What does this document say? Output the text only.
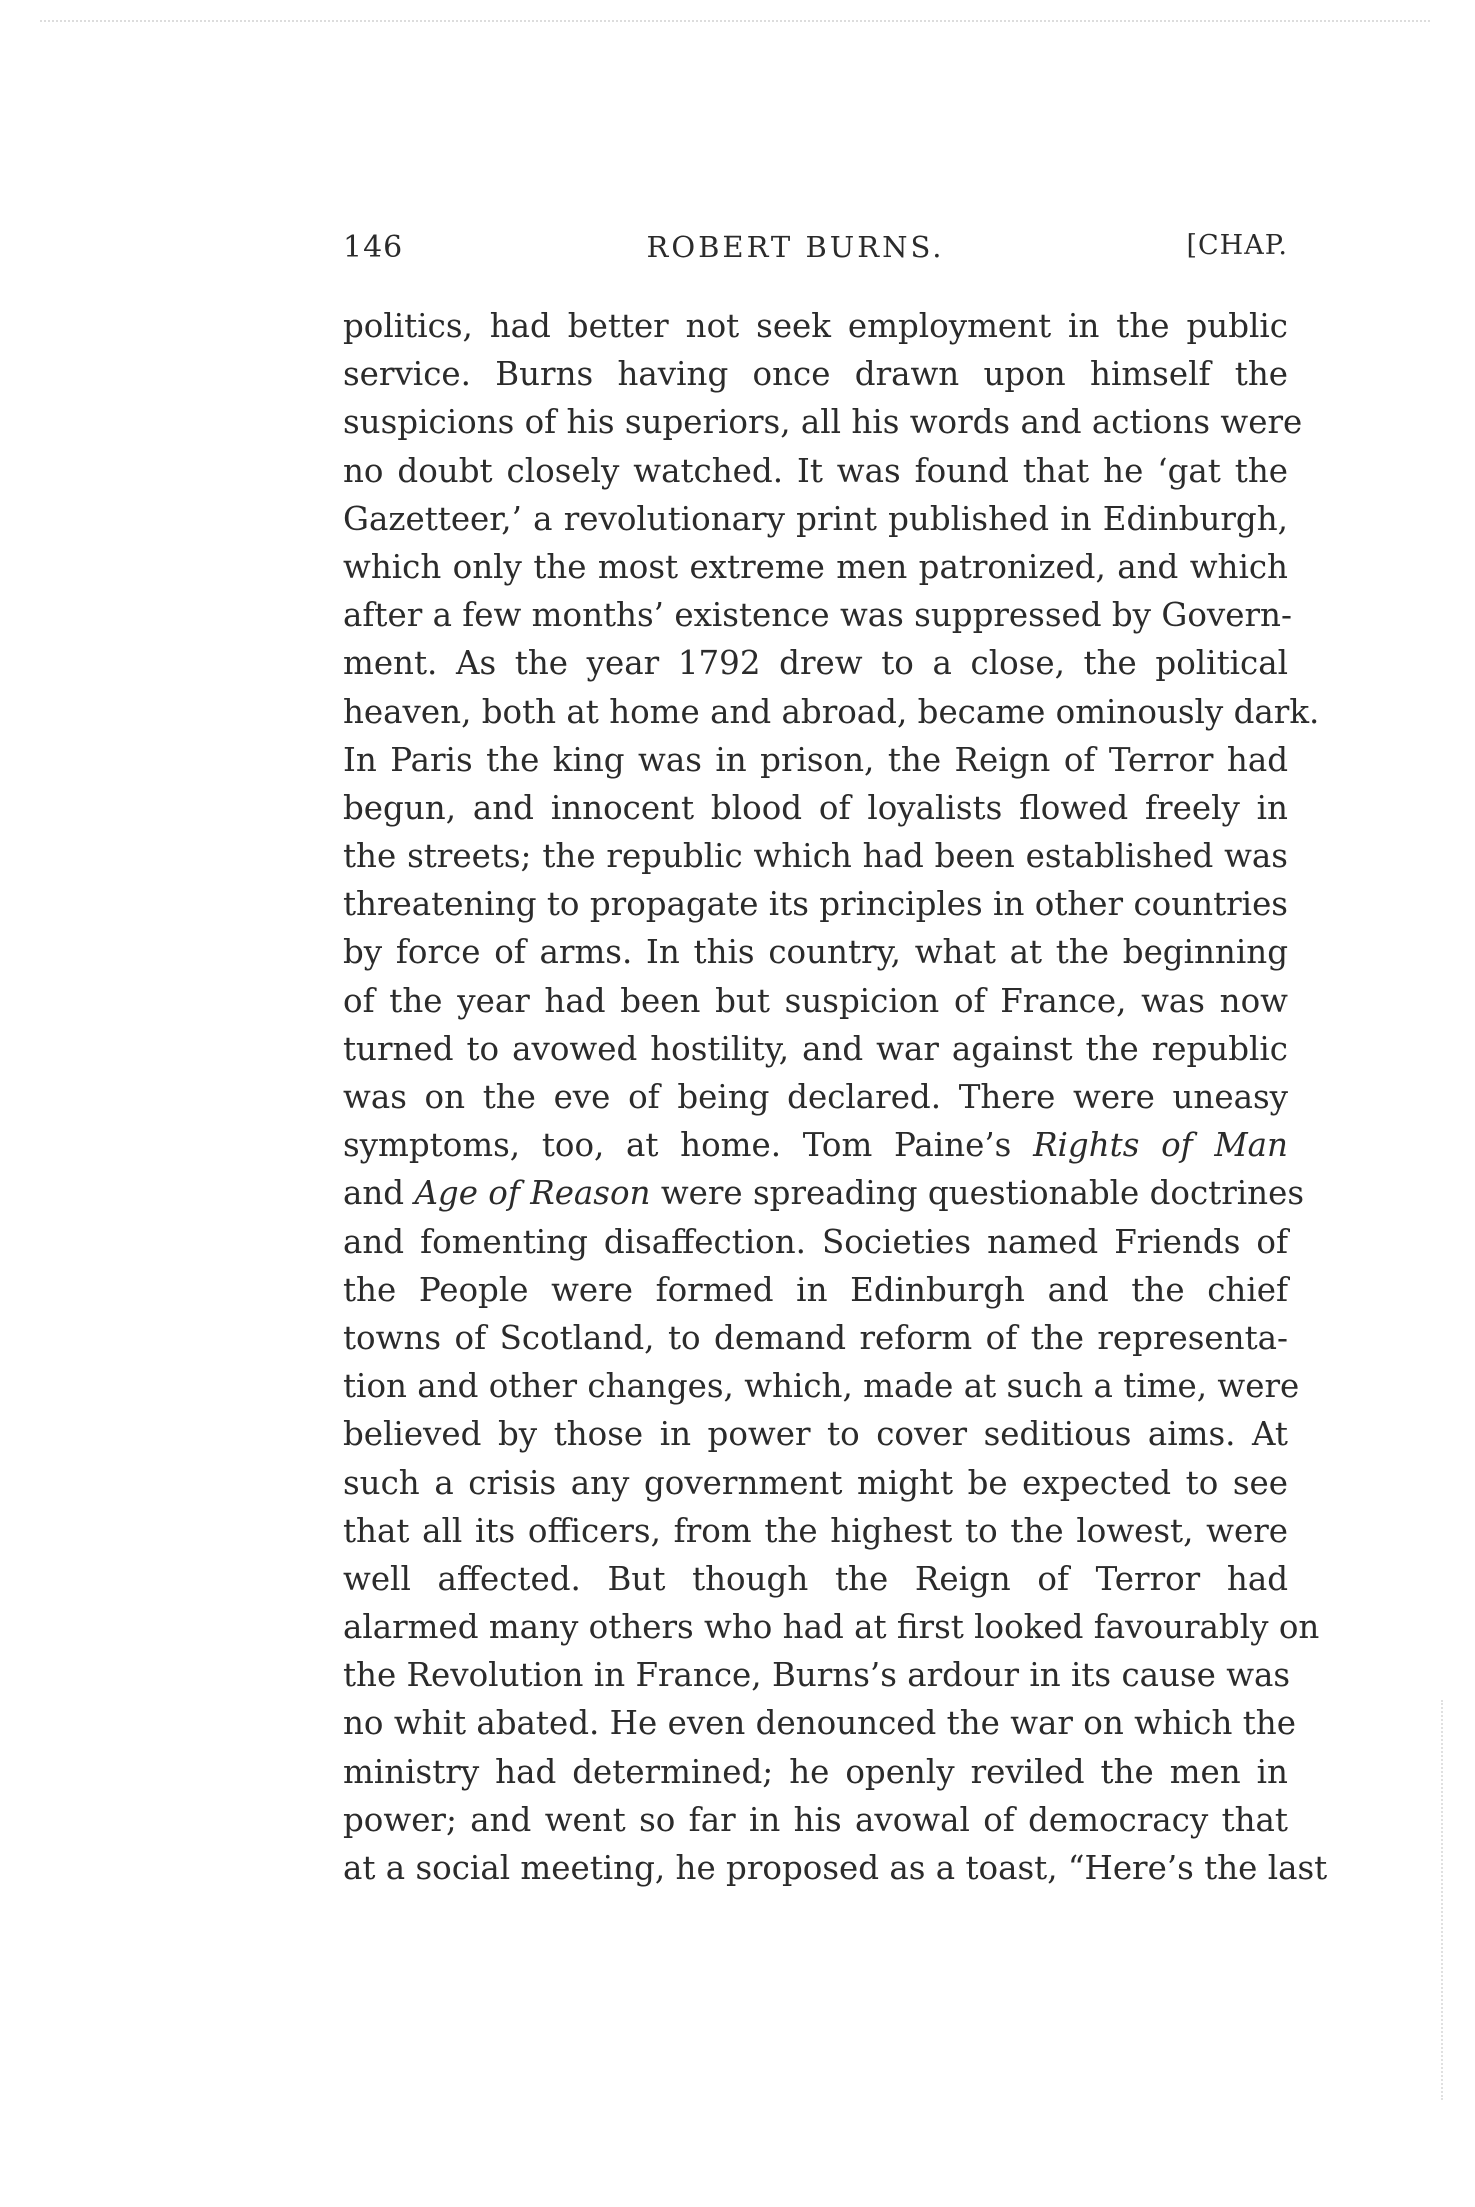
146	ROBERT BURNS.	[CHAP.
politics, had better not seek employment in the public
service. Burns having once drawn upon himself the
suspicions of his superiors, all his words and actions were
no doubt closely watched. It was found that he ‘gat the
Gazetteer,’ a revolutionary print published in Edinburgh,
which only the most extreme men patronized, and which
after a few months’ existence was suppressed by Govern-
ment. As the year 1792 drew to a close, the political
heaven, both at home and abroad, became ominously dark.
In Paris the king was in prison, the Reign of Terror had
begun, and innocent blood of loyalists flowed freely in
the streets; the republic which had been established was
threatening to propagate its principles in other countries
by force of arms. In this country, what at the beginning
of the year had been but suspicion of France, was now
turned to avowed hostility, and war against the republic
was on the eve of being declared. There were uneasy
symptoms, too, at home. Tom Paine’s Rights of Man
and Age of Reason were spreading questionable doctrines
and fomenting disaffection. Societies named Friends of
the People were formed in Edinburgh and the chief
towns of Scotland, to demand reform of the representa-
tion and other changes, which, made at such a time, were
believed by those in power to cover seditious aims. At
such a crisis any government might be expected to see
that all its officers, from the highest to the lowest, were
well affected. But though the Reign of Terror had
alarmed many others who had at first looked favourably on
the Revolution in France, Burns’s ardour in its cause was
no whit abated. He even denounced the war on which the
ministry had determined; he openly reviled the men in
power; and went so far in his avowal of democracy that
at a social meeting, he proposed as a toast, “Here’s the last
